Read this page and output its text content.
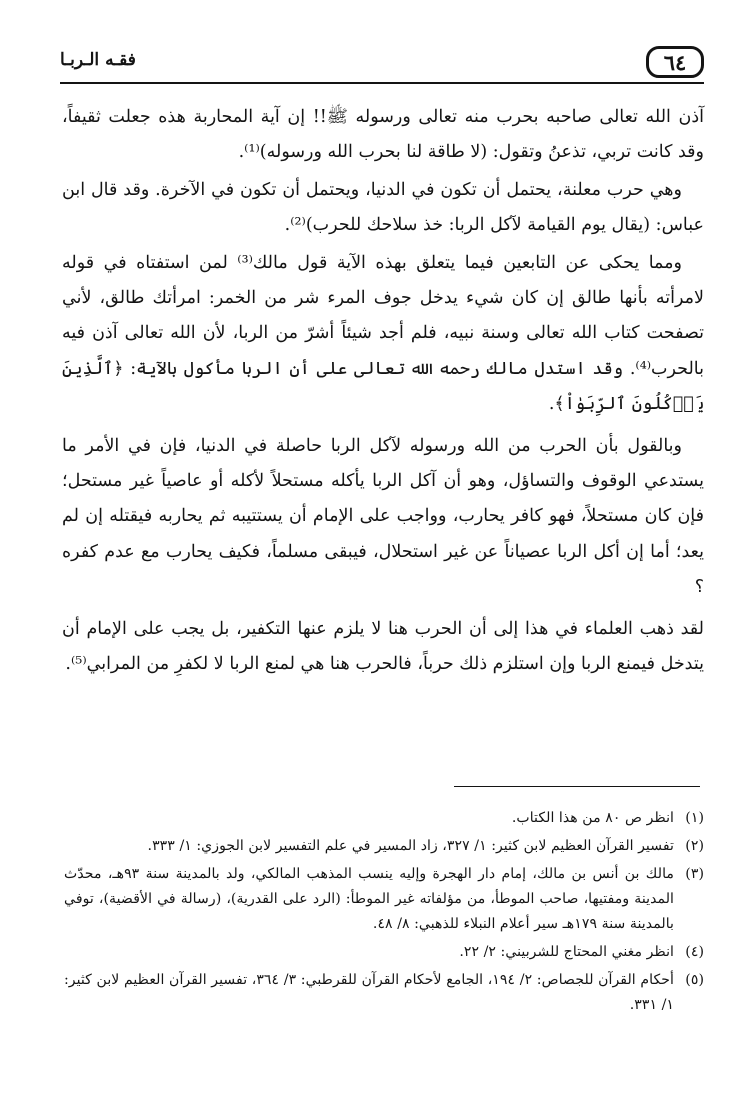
٦٤
فقـه الـربـا

آذن الله تعالى صاحبه بحرب منه تعالى ورسوله ﷺ!! إن آية المحاربة هذه جعلت ثقيفاً، وقد كانت تربي، تذعنُ وتقول: (لا طاقة لنا بحرب الله ورسوله)⁽¹⁾.

وهي حرب معلنة، يحتمل أن تكون في الدنيا، ويحتمل أن تكون في الآخرة. وقد قال ابن عباس: (يقال يوم القيامة لآكل الربا: خذ سلاحك للحرب)⁽²⁾.

ومما يحكى عن التابعين فيما يتعلق بهذه الآية قول مالك⁽³⁾ لمن استفتاه في قوله لامرأته بأنها طالق إن كان شيء يدخل جوف المرء شر من الخمر: امرأتك طالق، لأني تصفحت كتاب الله تعالى وسنة نبيه، فلم أجد شيئاً أشرّ من الربا، لأن الله تعالى آذن فيه بالحرب⁽⁴⁾. وقد استدل مالك رحمه الله تعالى على أن الربا مأكول بالآية: ﴿ٱلَّذِينَ يَأۡكُلُونَ ٱلرِّبَوٰاْ﴾.

وبالقول بأن الحرب من الله ورسوله لآكل الربا حاصلة في الدنيا، فإن في الأمر ما يستدعي الوقوف والتساؤل، وهو أن آكل الربا يأكله مستحلاً لأكله أو عاصياً غير مستحل؛ فإن كان مستحلاً، فهو كافر يحارب، وواجب على الإمام أن يستتيبه ثم يحاربه فيقتله إن لم يعد؛ أما إن أكل الربا عصياناً عن غير استحلال، فيبقى مسلماً، فكيف يحارب مع عدم كفره ؟

لقد ذهب العلماء في هذا إلى أن الحرب هنا لا يلزم عنها التكفير، بل يجب على الإمام أن يتدخل فيمنع الربا وإن استلزم ذلك حرباً، فالحرب هنا هي لمنع الربا لا لكفرِ من المرابي⁽⁵⁾.

(١)
انظر ص ٨٠ من هذا الكتاب.
(٢)
تفسير القرآن العظيم لابن كثير: ١/ ٣٢٧، زاد المسير في علم التفسير لابن الجوزي: ١/ ٣٣٣.
(٣)
مالك بن أنس بن مالك، إمام دار الهجرة وإليه ينسب المذهب المالكي، ولد بالمدينة سنة ٩٣هـ، محدّث المدينة ومفتيها، صاحب الموطأ، من مؤلفاته غير الموطأ: (الرد على القدرية)، (رسالة في الأقضية)، توفي بالمدينة سنة ١٧٩هـ سير أعلام النبلاء للذهبي: ٨/ ٤٨.
(٤)
انظر مغني المحتاج للشربيني: ٢/ ٢٢.
(٥)
أحكام القرآن للجصاص: ٢/ ١٩٤، الجامع لأحكام القرآن للقرطبي: ٣/ ٣٦٤، تفسير القرآن العظيم لابن كثير: ١/ ٣٣١.
